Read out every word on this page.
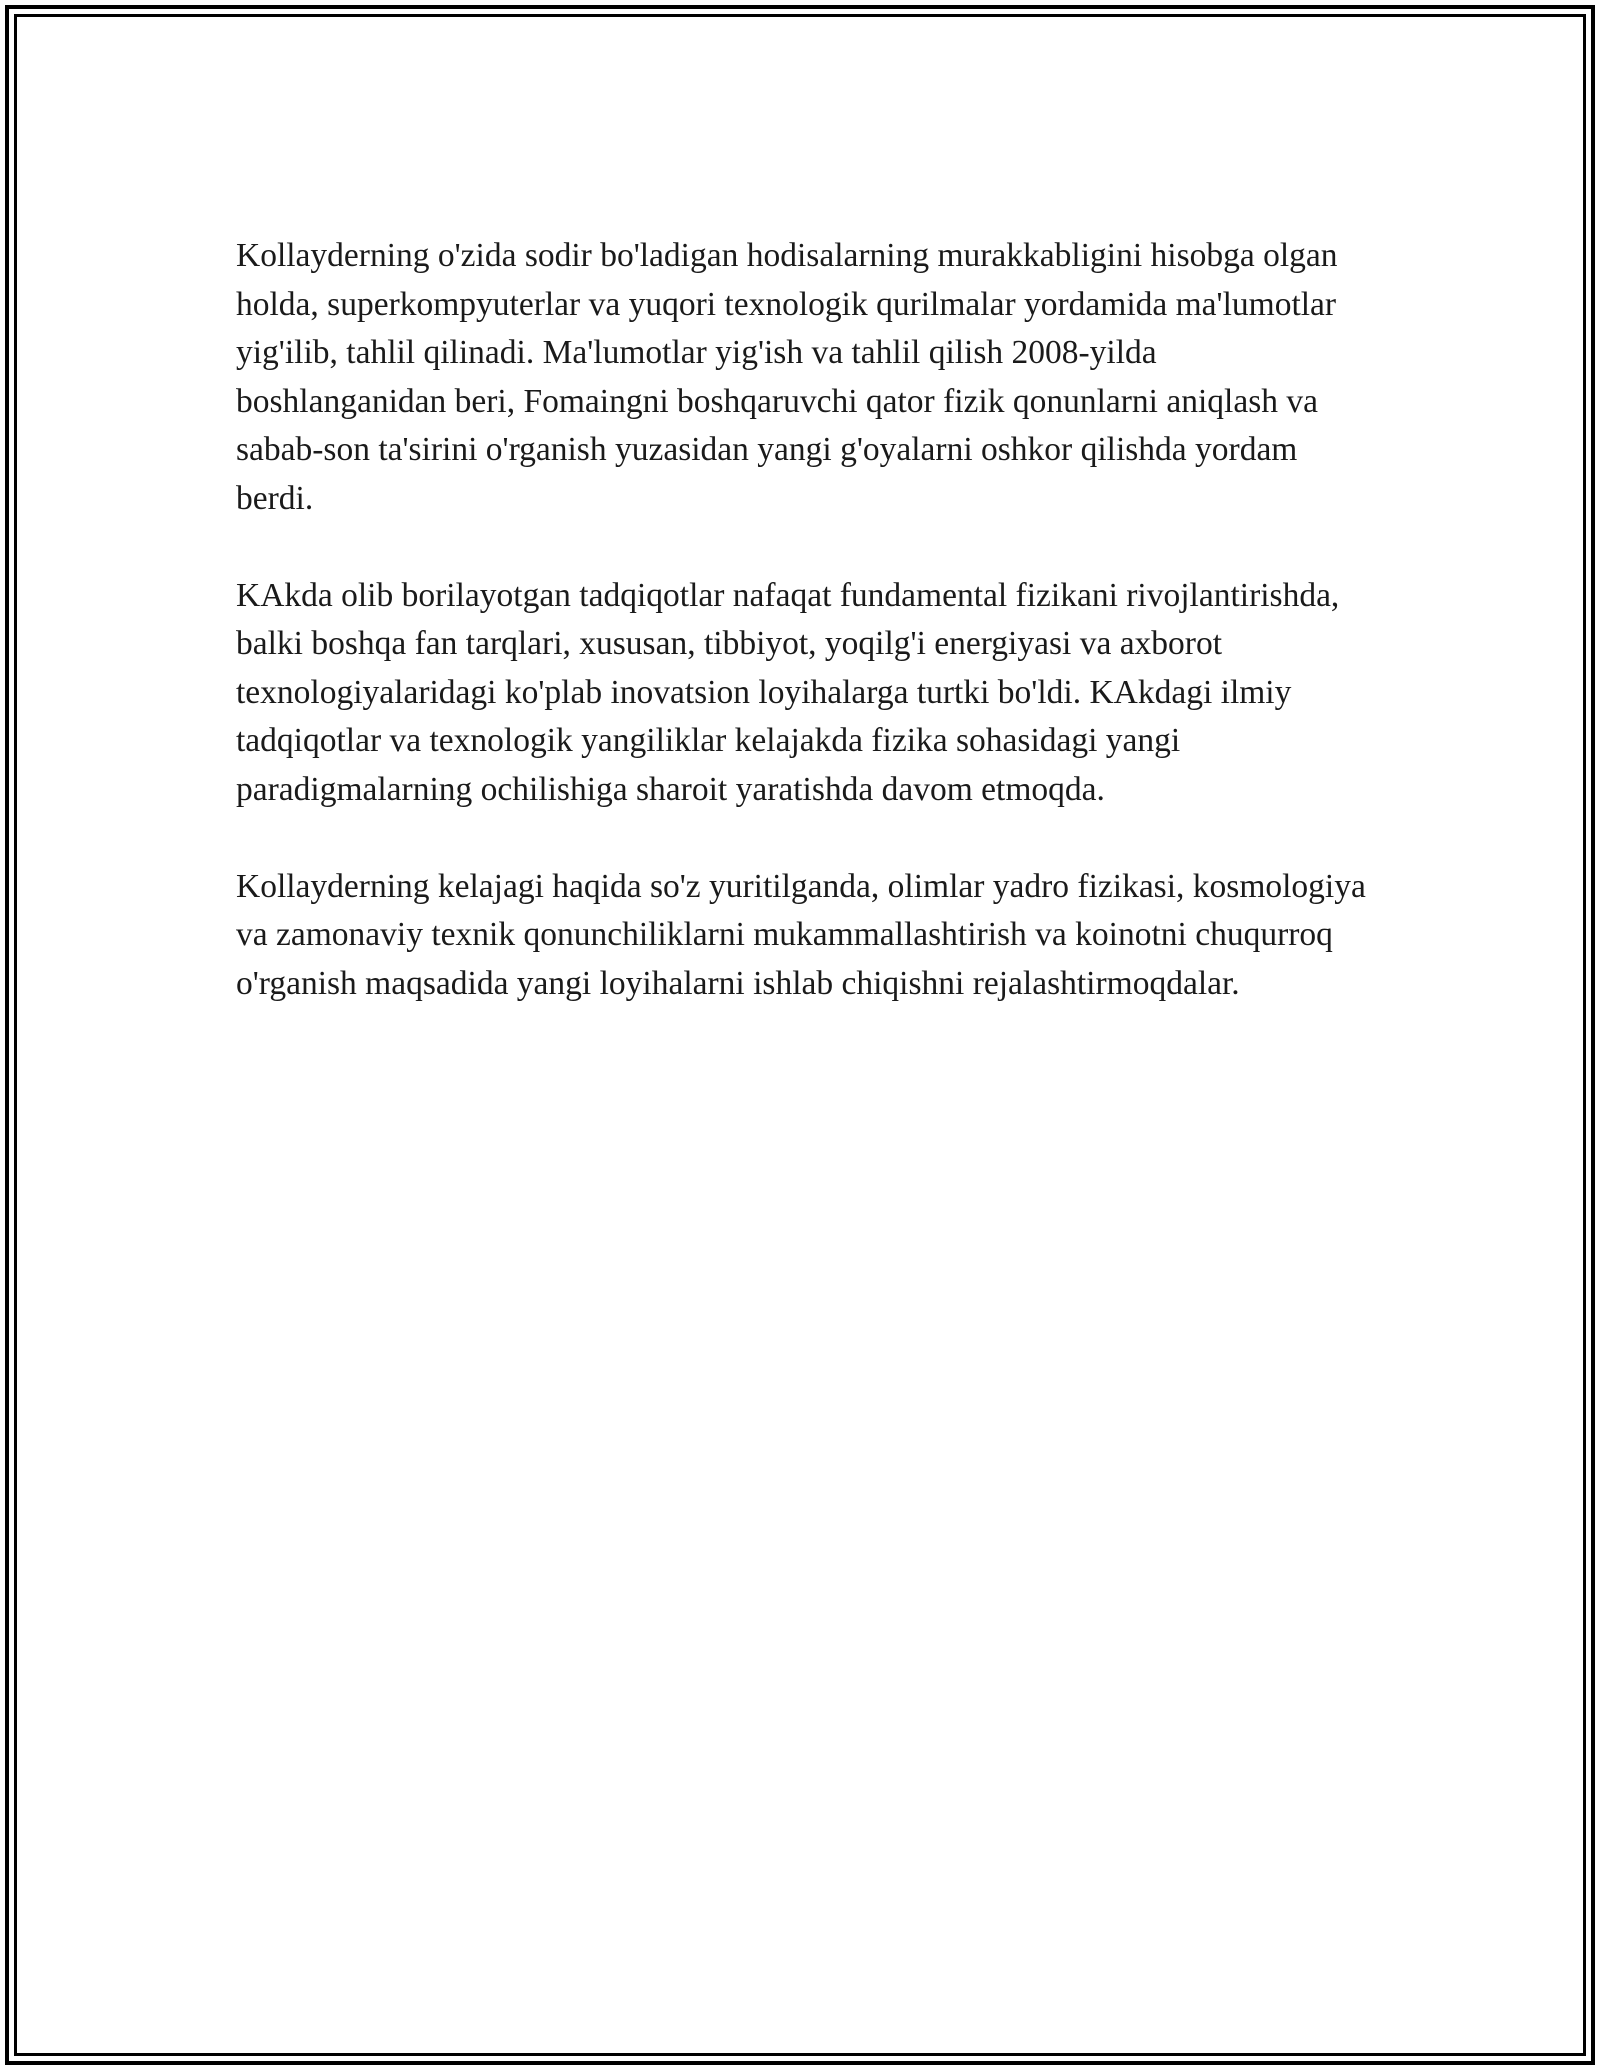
Kollayderning o'zida sodir bo'ladigan hodisalarning murakkabligini hisobga olgan holda, superkompyuterlar va yuqori texnologik qurilmalar yordamida ma'lumotlar yig'ilib, tahlil qilinadi. Ma'lumotlar yig'ish va tahlil qilish 2008-yilda boshlanganidan beri, Fomaingni boshqaruvchi qator fizik qonunlarni aniqlash va sabab-son ta'sirini o'rganish yuzasidan yangi g'oyalarni oshkor qilishda yordam berdi.

KAkda olib borilayotgan tadqiqotlar nafaqat fundamental fizikani rivojlantirishda, balki boshqa fan tarqlari, xususan, tibbiyot, yoqilg'i energiyasi va axborot texnologiyalaridagi ko'plab inovatsion loyihalarga turtki bo'ldi. KAkdagi ilmiy tadqiqotlar va texnologik yangiliklar kelajakda fizika sohasidagi yangi paradigmalarning ochilishiga sharoit yaratishda davom etmoqda.

Kollayderning kelajagi haqida so'z yuritilganda, olimlar yadro fizikasi, kosmologiya va zamonaviy texnik qonunchiliklarni mukammallashtirish va koinotni chuqurroq o'rganish maqsadida yangi loyihalarni ishlab chiqishni rejalashtirmoqdalar.
